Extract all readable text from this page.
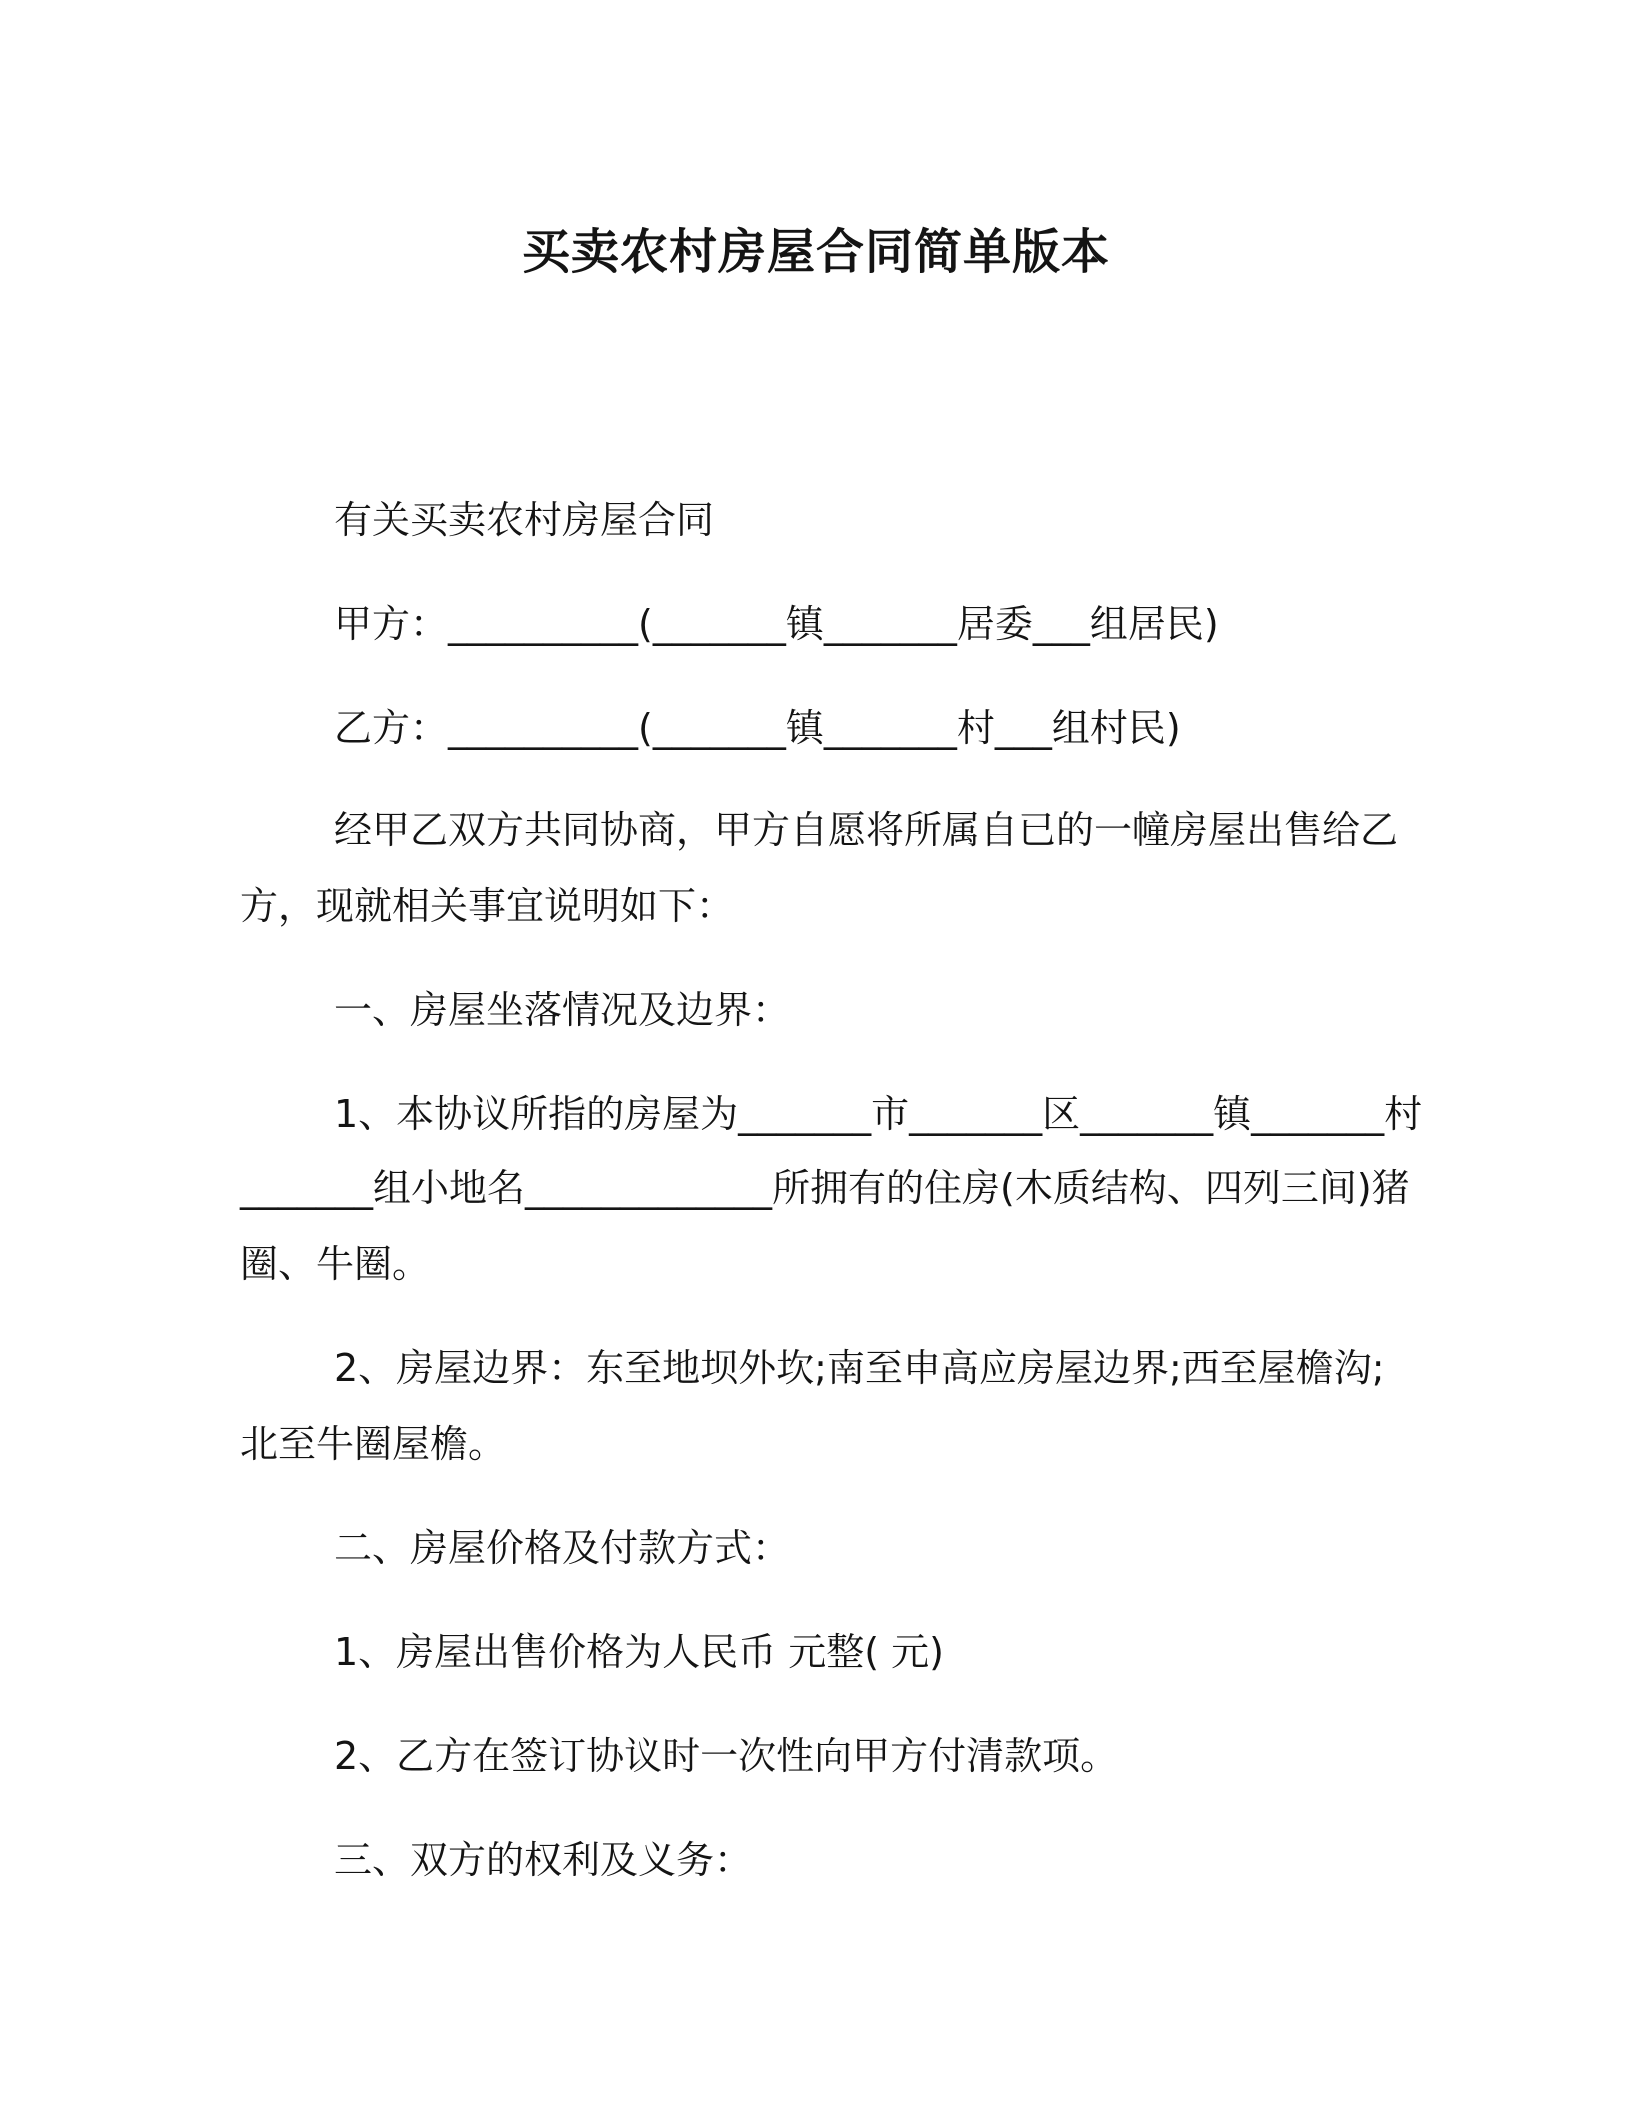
买卖农村房屋合同简单版本

有关买卖农村房屋合同

甲方：__________(_______镇_______居委___组居民)

乙方：__________(_______镇_______村___组村民)

经甲乙双方共同协商，甲方自愿将所属自已的一幢房屋出售给乙

方，现就相关事宜说明如下：

一、房屋坐落情况及边界：

1、本协议所指的房屋为_______市_______区_______镇_______村

_______组小地名_____________所拥有的住房(木质结构、四列三间)猪

圈、牛圈。

2、房屋边界：东至地坝外坎;南至申高应房屋边界;西至屋檐沟;

北至牛圈屋檐。

二、房屋价格及付款方式：

1、房屋出售价格为人民币 元整( 元)

2、乙方在签订协议时一次性向甲方付清款项。

三、双方的权利及义务：
